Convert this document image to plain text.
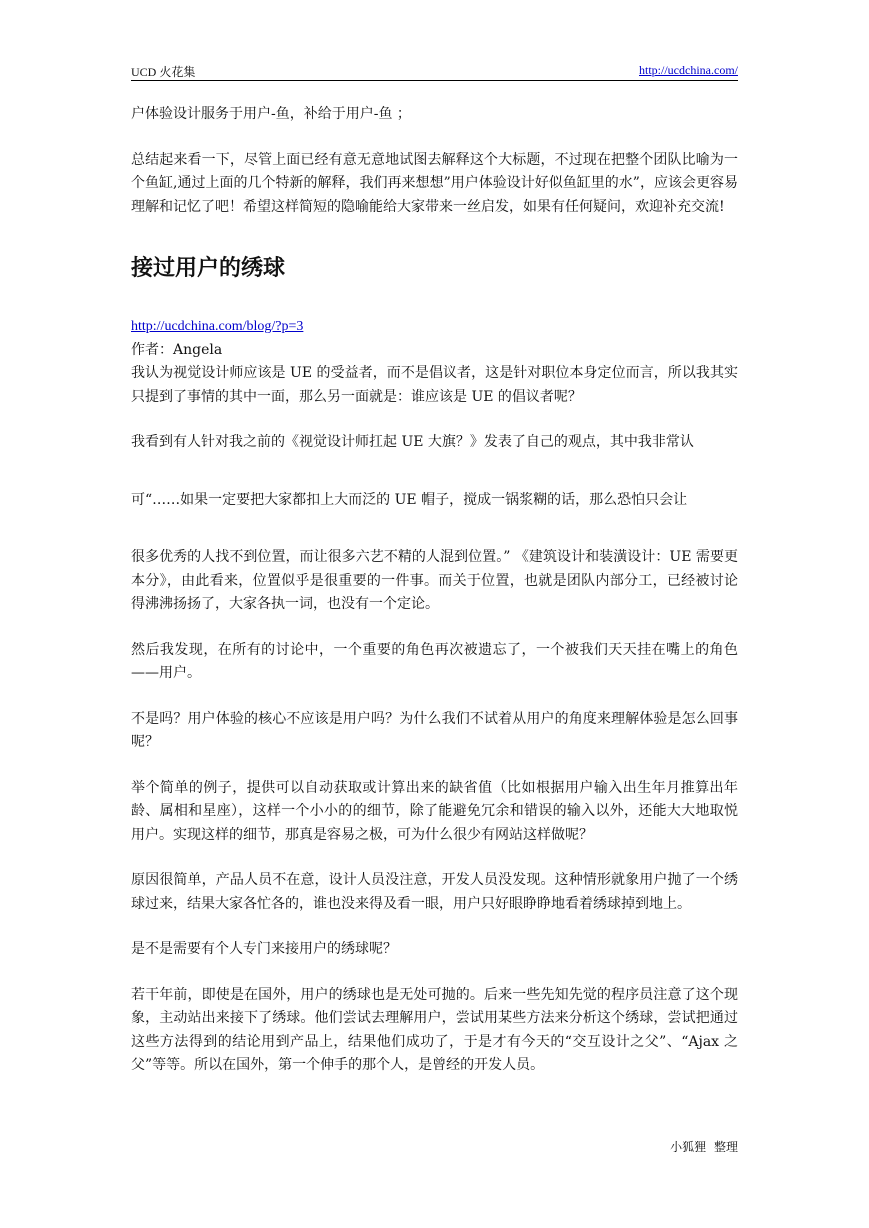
UCD 火花集	http://ucdchina.com/

户体验设计服务于用户-鱼，补给于用户-鱼 ；

总结起来看一下，尽管上面已经有意无意地试图去解释这个大标题，不过现在把整个团队比喻为一个鱼缸,通过上面的几个特新的解释，我们再来想想”用户体验设计好似鱼缸里的水”，应该会更容易理解和记忆了吧！希望这样简短的隐喻能给大家带来一丝启发，如果有任何疑问，欢迎补充交流!

接过用户的绣球

http://ucdchina.com/blog/?p=3

作者：Angela

我认为视觉设计师应该是 UE 的受益者，而不是倡议者，这是针对职位本身定位而言，所以我其实只提到了事情的其中一面，那么另一面就是：谁应该是 UE 的倡议者呢？

我看到有人针对我之前的《视觉设计师扛起 UE 大旗？》发表了自己的观点，其中我非常认

可“……如果一定要把大家都扣上大而泛的 UE 帽子，搅成一锅浆糊的话，那么恐怕只会让

很多优秀的人找不到位置，而让很多六艺不精的人混到位置。” 《建筑设计和装潢设计：UE 需要更本分》，由此看来，位置似乎是很重要的一件事。而关于位置，也就是团队内部分工，已经被讨论得沸沸扬扬了，大家各执一词，也没有一个定论。

然后我发现，在所有的讨论中，一个重要的角色再次被遗忘了，一个被我们天天挂在嘴上的角色——用户。

不是吗？用户体验的核心不应该是用户吗？为什么我们不试着从用户的角度来理解体验是怎么回事呢？

举个简单的例子，提供可以自动获取或计算出来的缺省值（比如根据用户输入出生年月推算出年龄、属相和星座），这样一个小小的的细节，除了能避免冗余和错误的输入以外，还能大大地取悦用户。实现这样的细节，那真是容易之极，可为什么很少有网站这样做呢？

原因很简单，产品人员不在意，设计人员没注意，开发人员没发现。这种情形就象用户抛了一个绣球过来，结果大家各忙各的，谁也没来得及看一眼，用户只好眼睁睁地看着绣球掉到地上。

是不是需要有个人专门来接用户的绣球呢？

若干年前，即使是在国外，用户的绣球也是无处可抛的。后来一些先知先觉的程序员注意了这个现象，主动站出来接下了绣球。他们尝试去理解用户，尝试用某些方法来分析这个绣球，尝试把通过这些方法得到的结论用到产品上，结果他们成功了，于是才有今天的“交互设计之父”、“Ajax 之父”等等。所以在国外，第一个伸手的那个人，是曾经的开发人员。

小狐狸 整理
